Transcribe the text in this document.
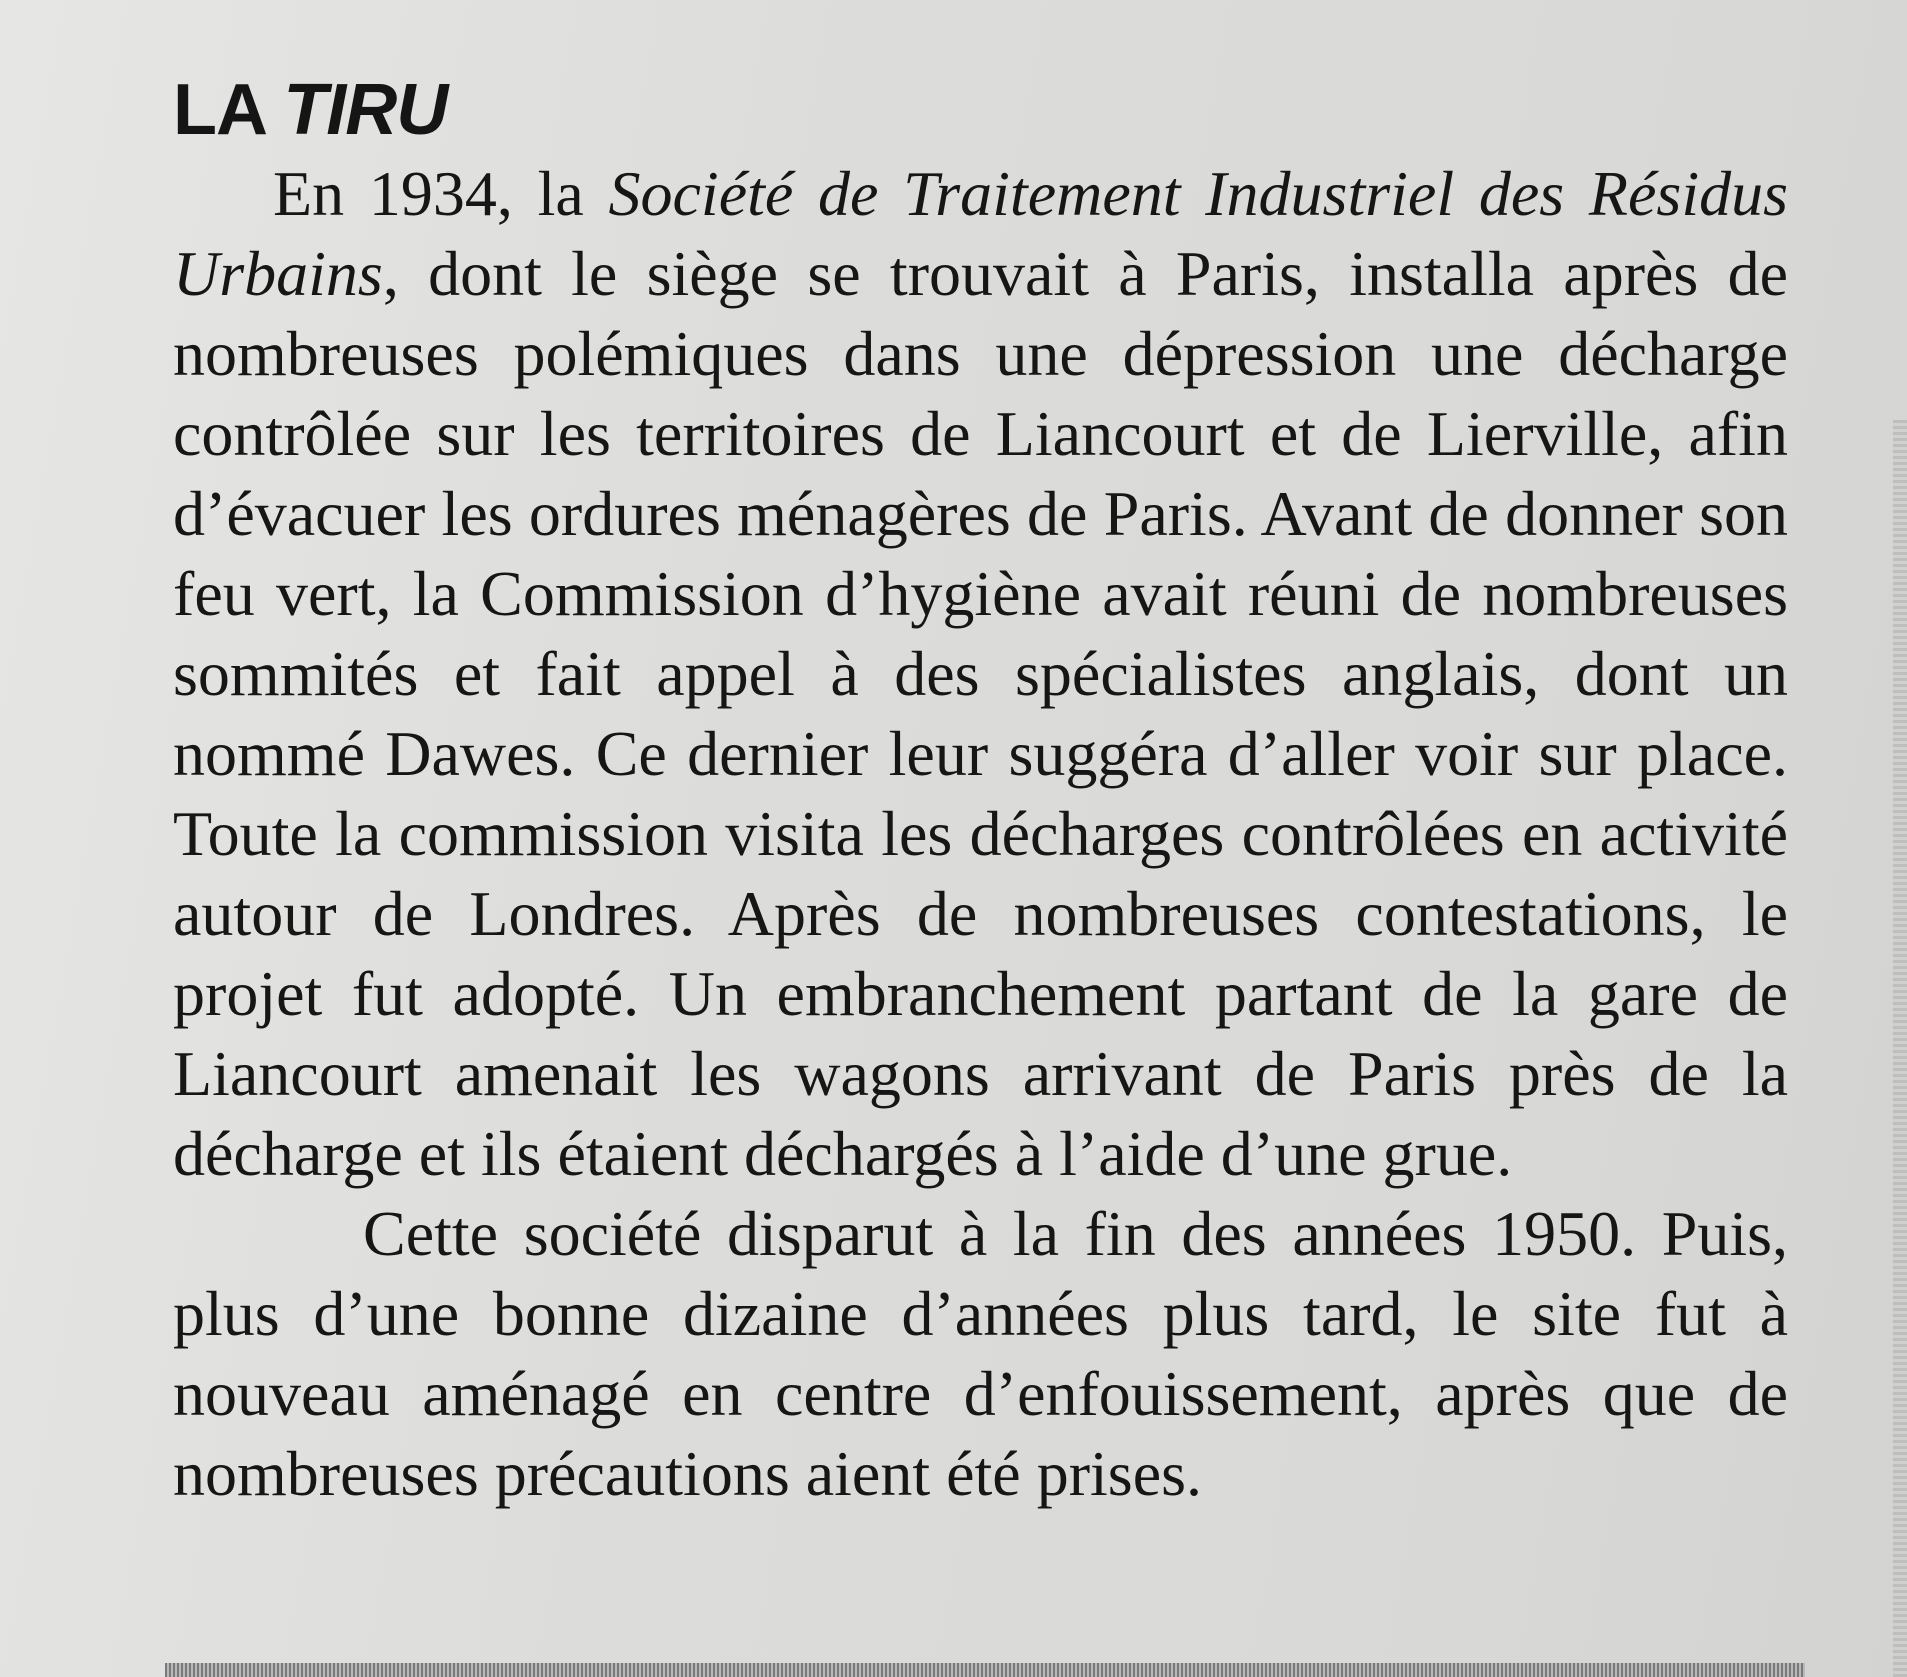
LA TIRU

En 1934, la Société de Traitement Industriel des Résidus Urbains, dont le siège se trouvait à Paris, installa après de nombreuses polémiques dans une dépression une décharge contrôlée sur les territoires de Liancourt et de Lierville, afin d’évacuer les ordures ménagères de Paris. Avant de donner son feu vert, la Commission d’hygiène avait réuni de nombreuses sommités et fait appel à des spécialistes anglais, dont un nommé Dawes. Ce dernier leur suggéra d’aller voir sur place. Toute la commission visita les décharges contrôlées en activité autour de Londres. Après de nombreuses contestations, le projet fut adopté. Un embranchement partant de la gare de Liancourt amenait les wagons arrivant de Paris près de la décharge et ils étaient déchargés à l’aide d’une grue.

Cette société disparut à la fin des années 1950. Puis, plus d’une bonne dizaine d’années plus tard, le site fut à nouveau aménagé en centre d’enfouissement, après que de nombreuses précautions aient été prises.
